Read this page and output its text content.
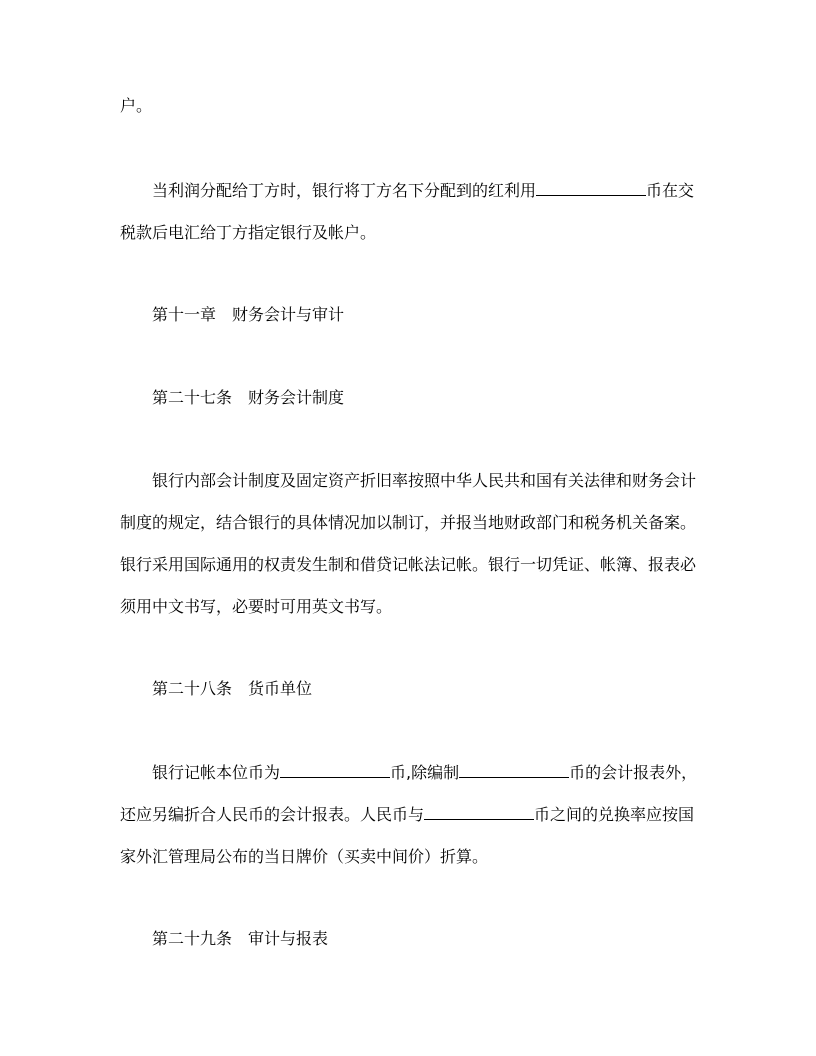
户。
当利润分配给丁方时，银行将丁方名下分配到的红利用	币在交
税款后电汇给丁方指定银行及帐户。
第十一章 财务会计与审计
第二十七条 财务会计制度
银行内部会计制度及固定资产折旧率按照中华人民共和国有关法律和财务会计
制度的规定，结合银行的具体情况加以制订，并报当地财政部门和税务机关备案。
银行采用国际通用的权责发生制和借贷记帐法记帐。银行一切凭证、帐簿、报表必
须用中文书写，必要时可用英文书写。
第二十八条 货币单位
银行记帐本位币为	币,除编制	币的会计报表外，
还应另编折合人民币的会计报表。人民币与	币之间的兑换率应按国
家外汇管理局公布的当日牌价（买卖中间价）折算。
第二十九条 审计与报表
